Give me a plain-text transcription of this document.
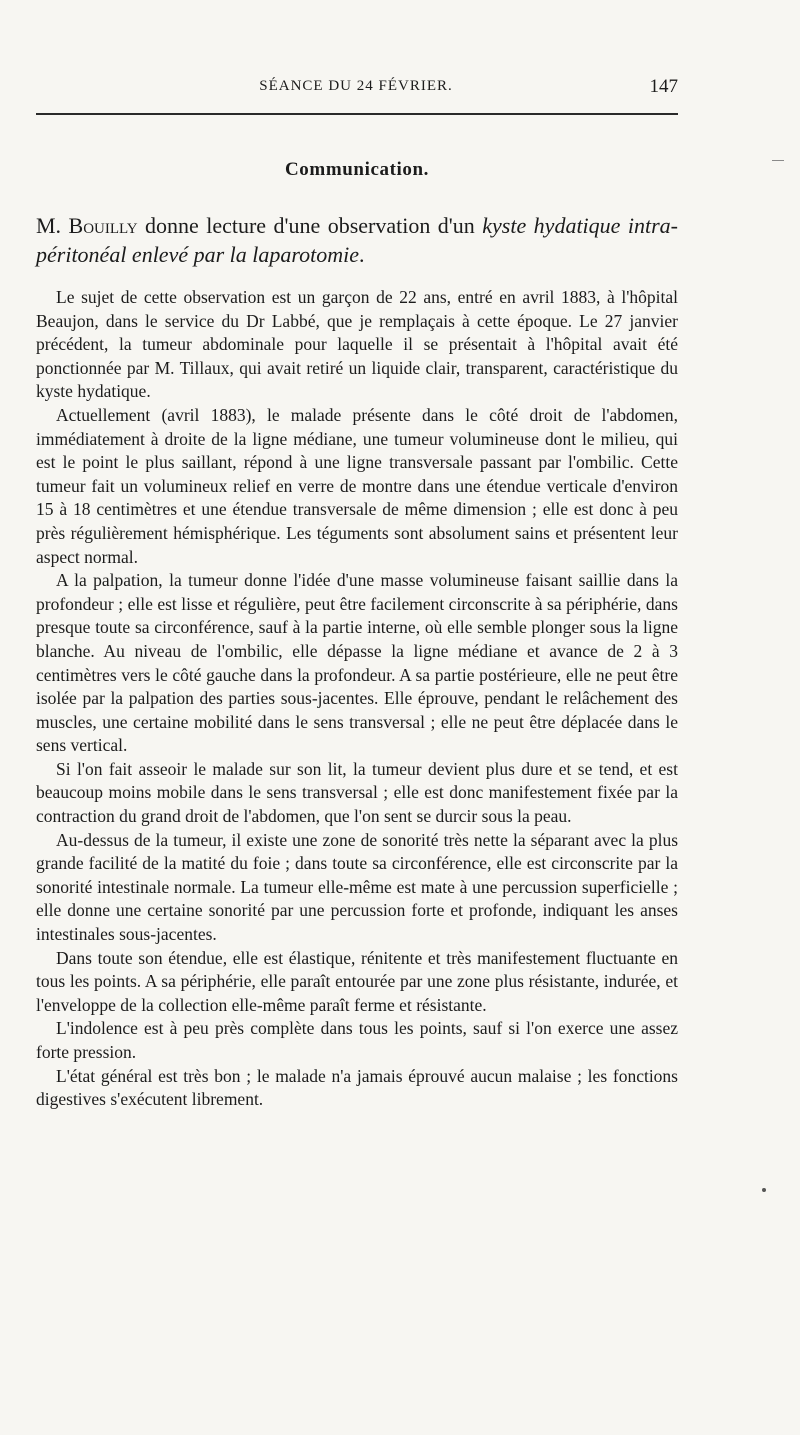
SÉANCE DU 24 FÉVRIER.	147
Communication.
M. Bouilly donne lecture d'une observation d'un kyste hydatique intra-péritonéal enlevé par la laparotomie.

Le sujet de cette observation est un garçon de 22 ans, entré en avril 1883, à l'hôpital Beaujon, dans le service du Dr Labbé, que je remplaçais à cette époque. Le 27 janvier précédent, la tumeur abdominale pour laquelle il se présentait à l'hôpital avait été ponctionnée par M. Tillaux, qui avait retiré un liquide clair, transparent, caractéristique du kyste hydatique.

Actuellement (avril 1883), le malade présente dans le côté droit de l'abdomen, immédiatement à droite de la ligne médiane, une tumeur volumineuse dont le milieu, qui est le point le plus saillant, répond à une ligne transversale passant par l'ombilic. Cette tumeur fait un volumineux relief en verre de montre dans une étendue verticale d'environ 15 à 18 centimètres et une étendue transversale de même dimension ; elle est donc à peu près régulièrement hémisphérique. Les téguments sont absolument sains et présentent leur aspect normal.

A la palpation, la tumeur donne l'idée d'une masse volumineuse faisant saillie dans la profondeur ; elle est lisse et régulière, peut être facilement circonscrite à sa périphérie, dans presque toute sa circonférence, sauf à la partie interne, où elle semble plonger sous la ligne blanche. Au niveau de l'ombilic, elle dépasse la ligne médiane et avance de 2 à 3 centimètres vers le côté gauche dans la profondeur. A sa partie postérieure, elle ne peut être isolée par la palpation des parties sous-jacentes. Elle éprouve, pendant le relâchement des muscles, une certaine mobilité dans le sens transversal ; elle ne peut être déplacée dans le sens vertical.

Si l'on fait asseoir le malade sur son lit, la tumeur devient plus dure et se tend, et est beaucoup moins mobile dans le sens transversal ; elle est donc manifestement fixée par la contraction du grand droit de l'abdomen, que l'on sent se durcir sous la peau.

Au-dessus de la tumeur, il existe une zone de sonorité très nette la séparant avec la plus grande facilité de la matité du foie ; dans toute sa circonférence, elle est circonscrite par la sonorité intestinale normale. La tumeur elle-même est mate à une percussion superficielle ; elle donne une certaine sonorité par une percussion forte et profonde, indiquant les anses intestinales sous-jacentes.

Dans toute son étendue, elle est élastique, rénitente et très manifestement fluctuante en tous les points. A sa périphérie, elle paraît entourée par une zone plus résistante, indurée, et l'enveloppe de la collection elle-même paraît ferme et résistante.

L'indolence est à peu près complète dans tous les points, sauf si l'on exerce une assez forte pression.

L'état général est très bon ; le malade n'a jamais éprouvé aucun malaise ; les fonctions digestives s'exécutent librement.
